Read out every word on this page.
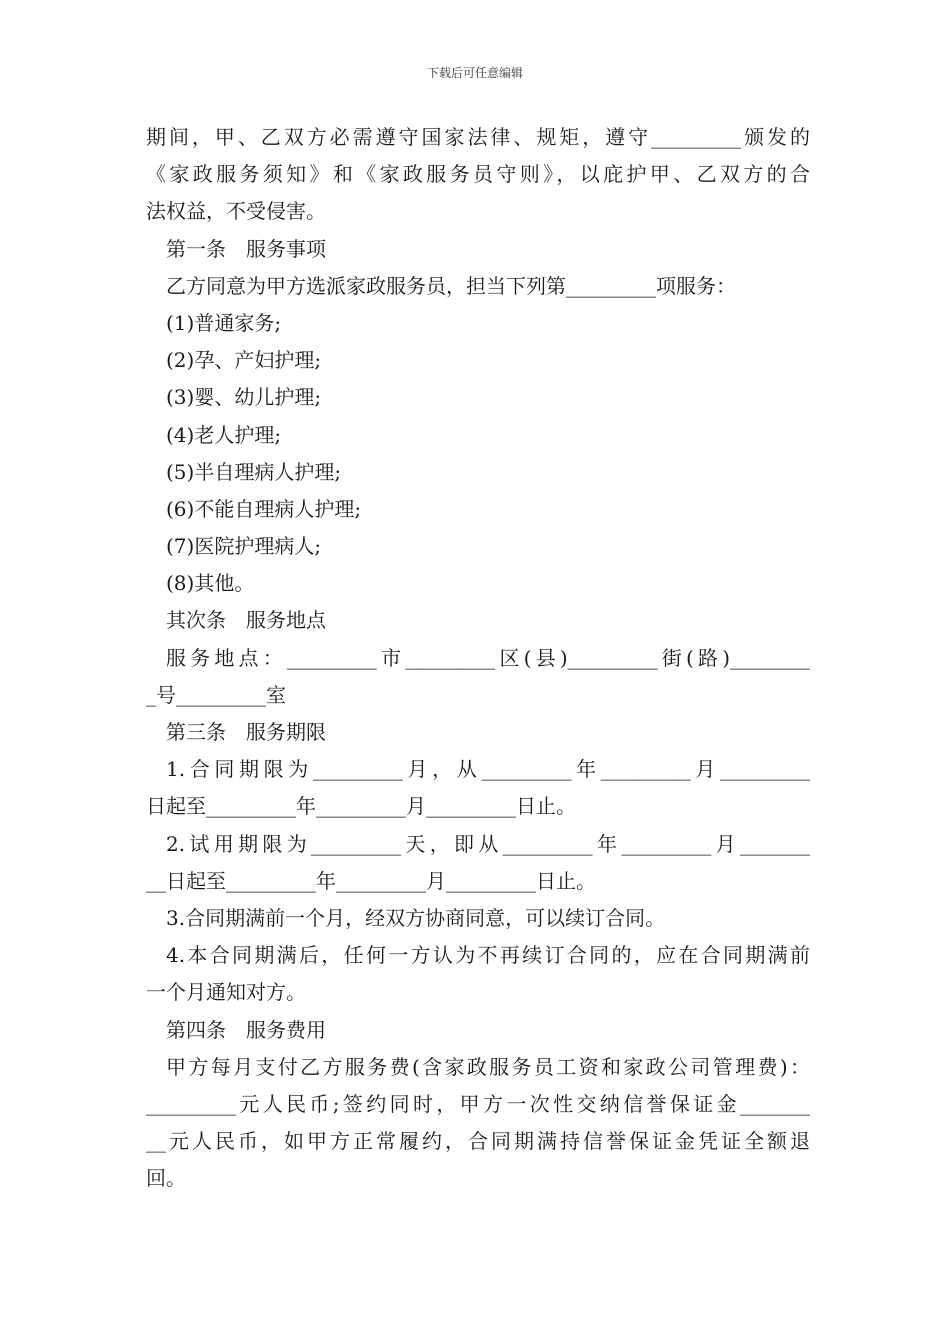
下载后可任意编辑
期间，甲、乙双方必需遵守国家法律、规矩，遵守_________颁发的
《家政服务须知》和《家政服务员守则》，以庇护甲、乙双方的合
法权益，不受侵害。
第一条　服务事项
乙方同意为甲方选派家政服务员，担当下列第_________项服务：
(1)普通家务;
(2)孕、产妇护理;
(3)婴、幼儿护理;
(4)老人护理;
(5)半自理病人护理;
(6)不能自理病人护理;
(7)医院护理病人;
(8)其他。
其次条　服务地点
服务地点：_________市_________区(县)_________街(路)________
_号_________室
第三条　服务期限
1.合同期限为_________月，从_________年_________月_________
日起至_________年_________月_________日止。
2.试用期限为_________天，即从_________年_________月_______
__日起至_________年_________月_________日止。
3.合同期满前一个月，经双方协商同意，可以续订合同。
4.本合同期满后，任何一方认为不再续订合同的，应在合同期满前
一个月通知对方。
第四条　服务费用
甲方每月支付乙方服务费(含家政服务员工资和家政公司管理费)：
_________元人民币;签约同时，甲方一次性交纳信誉保证金_______
__元人民币，如甲方正常履约，合同期满持信誉保证金凭证全额退
回。
